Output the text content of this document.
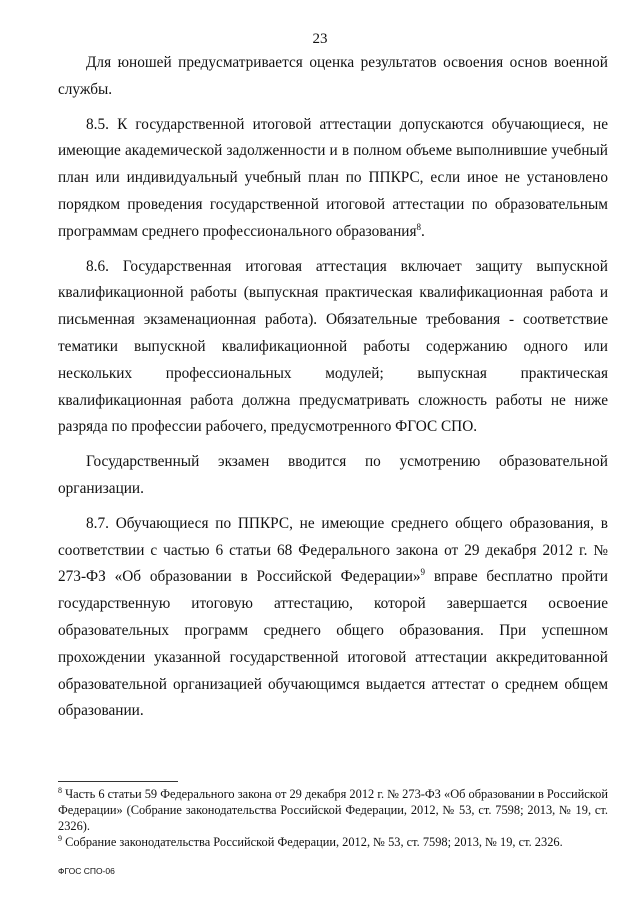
23

Для юношей предусматривается оценка результатов освоения основ военной службы.

8.5. К государственной итоговой аттестации допускаются обучающиеся, не имеющие академической задолженности и в полном объеме выполнившие учебный план или индивидуальный учебный план по ППКРС, если иное не установлено порядком проведения государственной итоговой аттестации по образовательным программам среднего профессионального образования$^8$.

8.6. Государственная итоговая аттестация включает защиту выпускной квалификационной работы (выпускная практическая квалификационная работа и письменная экзаменационная работа). Обязательные требования - соответствие тематики выпускной квалификационной работы содержанию одного или нескольких профессиональных модулей; выпускная практическая квалификационная работа должна предусматривать сложность работы не ниже разряда по профессии рабочего, предусмотренного ФГОС СПО.

Государственный экзамен вводится по усмотрению образовательной организации.

8.7. Обучающиеся по ППКРС, не имеющие среднего общего образования, в соответствии с частью 6 статьи 68 Федерального закона от 29 декабря 2012 г. № 273-ФЗ «Об образовании в Российской Федерации»$^9$ вправе бесплатно пройти государственную итоговую аттестацию, которой завершается освоение образовательных программ среднего общего образования. При успешном прохождении указанной государственной итоговой аттестации аккредитованной образовательной организацией обучающимся выдается аттестат о среднем общем образовании.

$^8$ Часть 6 статьи 59 Федерального закона от 29 декабря 2012 г. № 273-ФЗ «Об образовании в Российской Федерации» (Собрание законодательства Российской Федерации, 2012, № 53, ст. 7598; 2013, № 19, ст. 2326).

$^9$ Собрание законодательства Российской Федерации, 2012, № 53, ст. 7598; 2013, № 19, ст. 2326.

ФГОС СПО-06
